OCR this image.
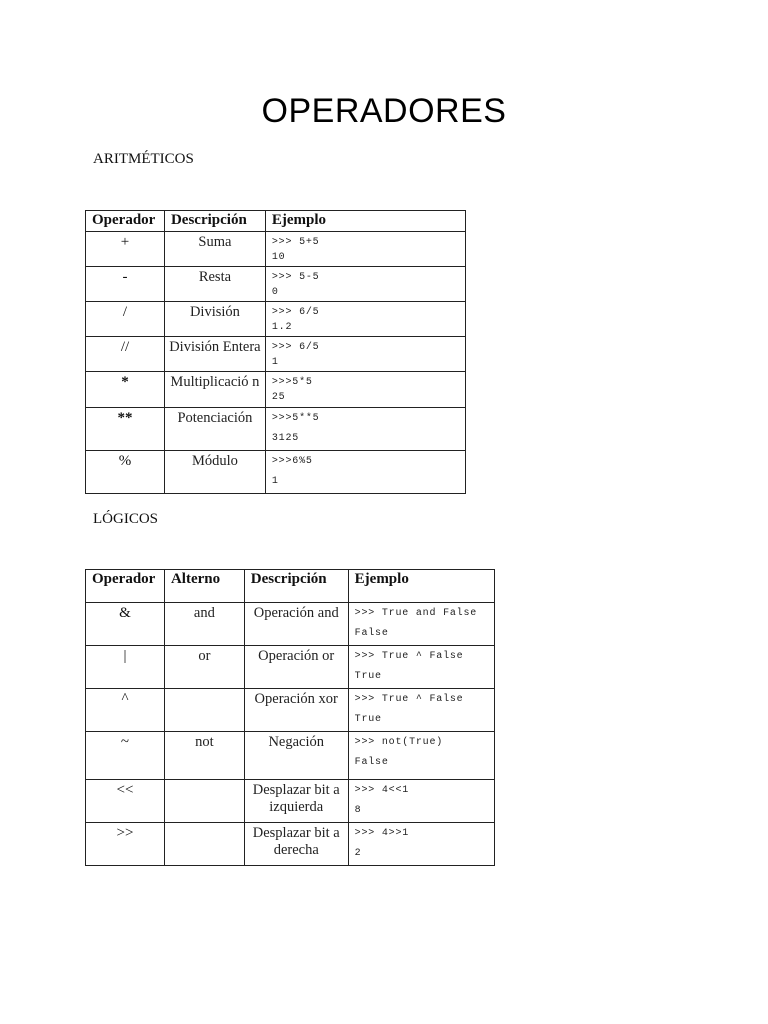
OPERADORES
ARITMÉTICOS
Operador	Descripción	Ejemplo
+	Suma	>>> 5+5
10

-	Resta	>>> 5-5
0

/	División	>>> 6/5
1.2

//	División Entera	>>> 6/5
1

*	Multiplicació n	>>>5*5
25

**	Potenciación	>>>5**5
3125

%	Módulo	>>>6%5
1
LÓGICOS
Operador	Alterno	Descripción	Ejemplo
&	and	Operación and	>>> True and False
False

|	or	Operación or	>>> True ^ False
True

^		Operación xor	>>> True ^ False
True

~	not	Negación	>>> not(True)
False

<<		Desplazar bit a izquierda	>>> 4<<1
8

>>		Desplazar bit a derecha	>>> 4>>1
2
